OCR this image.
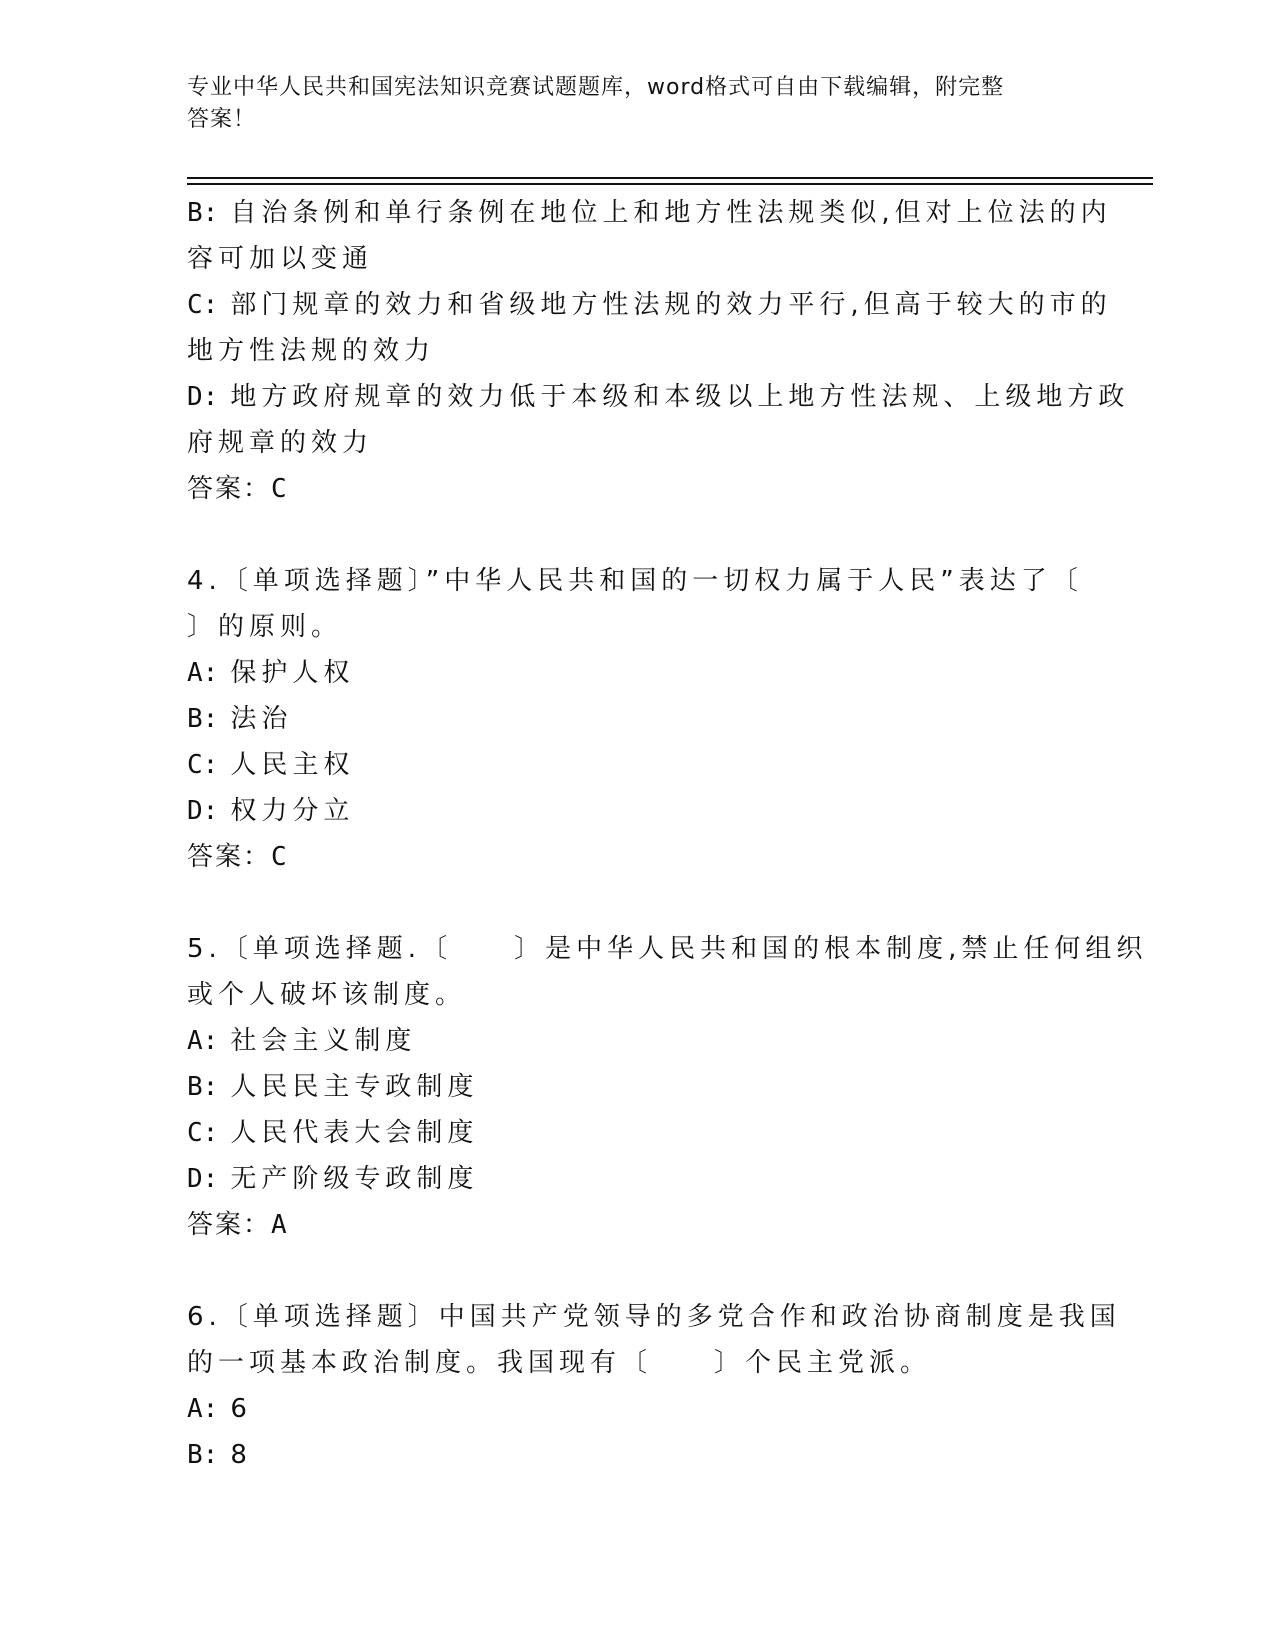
专业中华人民共和国宪法知识竞赛试题题库，word格式可自由下载编辑，附完整
答案！
B: 自治条例和单行条例在地位上和地方性法规类似,但对上位法的内
容可加以变通
C: 部门规章的效力和省级地方性法规的效力平行,但高于较大的市的
地方性法规的效力
D: 地方政府规章的效力低于本级和本级以上地方性法规、上级地方政
府规章的效力
答案：C
4.〔单项选择题〕”中华人民共和国的一切权力属于人民”表达了〔
〕的原则。
A: 保护人权
B: 法治
C: 人民主权
D: 权力分立
答案：C
5.〔单项选择题.〔　　〕是中华人民共和国的根本制度,禁止任何组织
或个人破坏该制度。
A: 社会主义制度
B: 人民民主专政制度
C: 人民代表大会制度
D: 无产阶级专政制度
答案：A
6.〔单项选择题〕中国共产党领导的多党合作和政治协商制度是我国
的一项基本政治制度。我国现有〔　　〕个民主党派。
A: 6
B: 8
